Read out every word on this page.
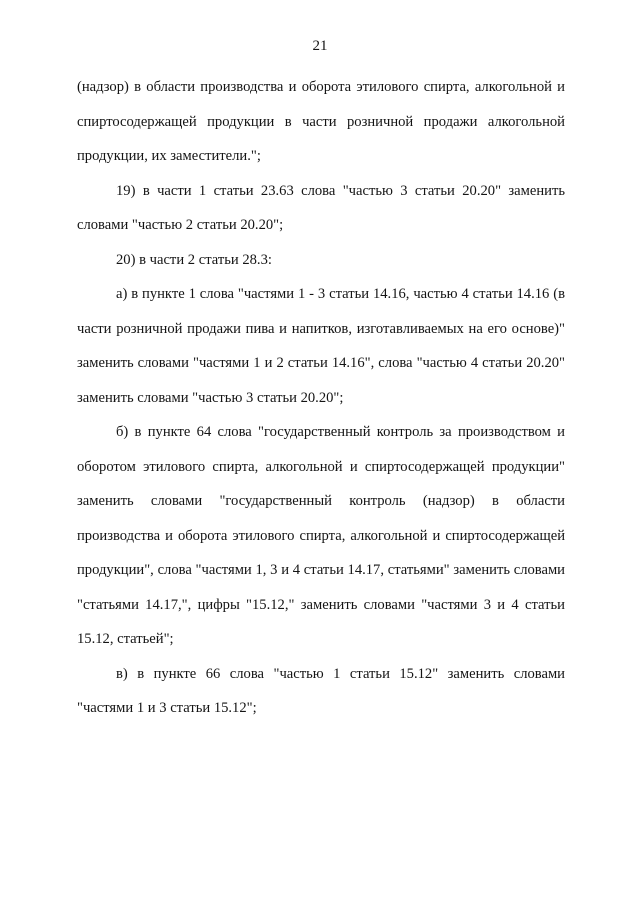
21

(надзор) в области производства и оборота этилового спирта, алкогольной и спиртосодержащей продукции в части розничной продажи алкогольной продукции, их заместители.";

19) в части 1 статьи 23.63 слова "частью 3 статьи 20.20" заменить словами "частью 2 статьи 20.20";

20) в части 2 статьи 28.3:

а) в пункте 1 слова "частями 1 - 3 статьи 14.16, частью 4 статьи 14.16 (в части розничной продажи пива и напитков, изготавливаемых на его основе)" заменить словами "частями 1 и 2 статьи 14.16", слова "частью 4 статьи 20.20" заменить словами "частью 3 статьи 20.20";

б) в пункте 64 слова "государственный контроль за производством и оборотом этилового спирта, алкогольной и спиртосодержащей продукции" заменить словами "государственный контроль (надзор) в области производства и оборота этилового спирта, алкогольной и спиртосодержащей продукции", слова "частями 1, 3 и 4 статьи 14.17, статьями" заменить словами "статьями 14.17,", цифры "15.12," заменить словами "частями 3 и 4 статьи 15.12, статьей";

в) в пункте 66 слова "частью 1 статьи 15.12" заменить словами "частями 1 и 3 статьи 15.12";
